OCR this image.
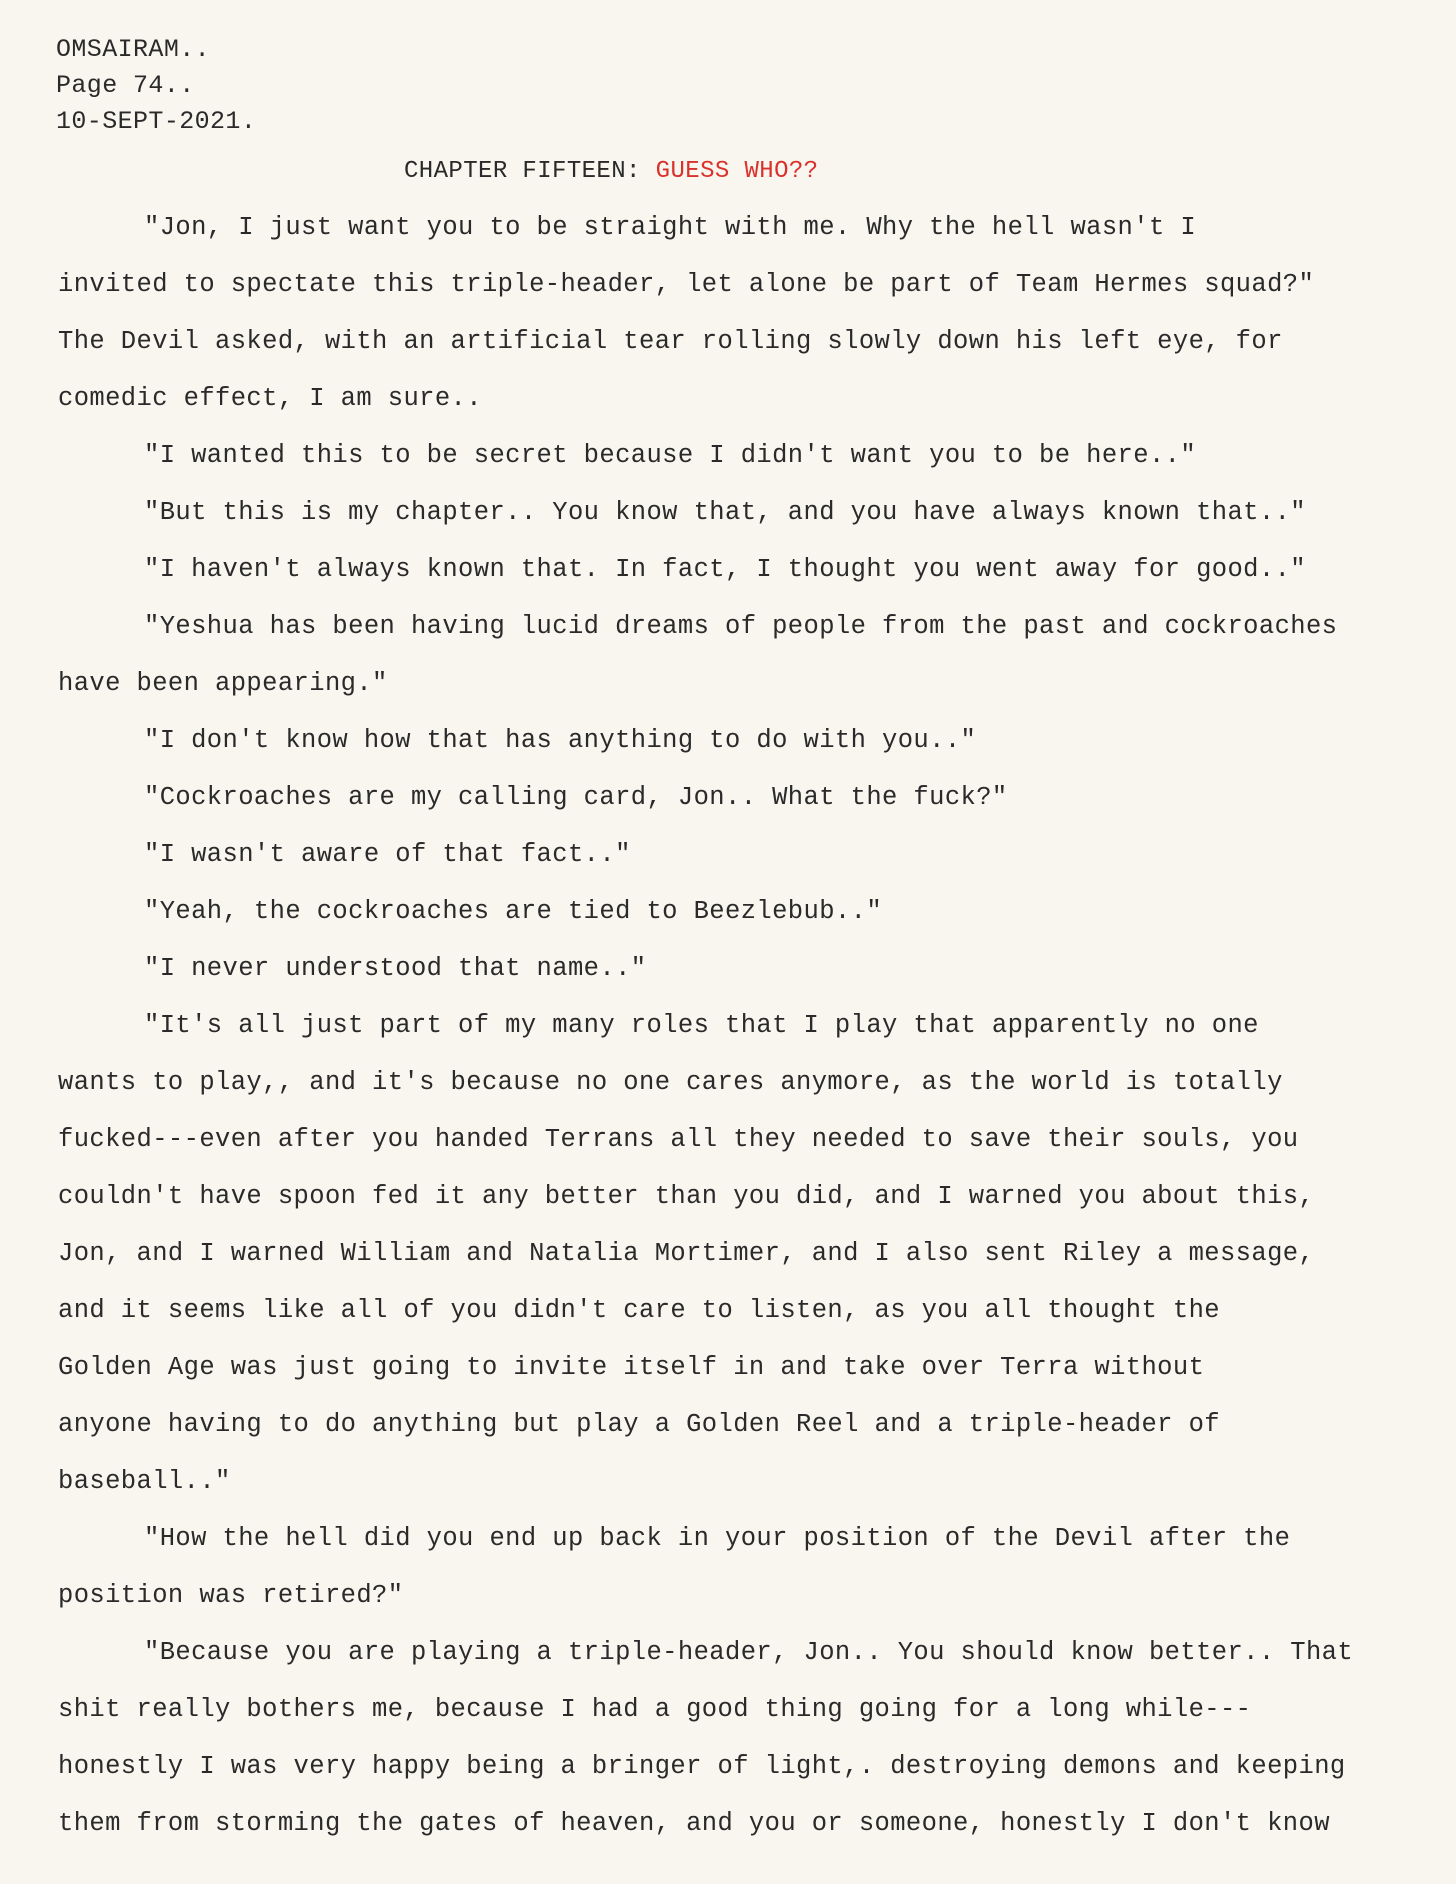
OMSAIRAM..
Page 74..
10-SEPT-2021.
CHAPTER FIFTEEN: GUESS WHO??
"Jon, I just want you to be straight with me. Why the hell wasn't I
invited to spectate this triple-header, let alone be part of Team Hermes squad?"
The Devil asked, with an artificial tear rolling slowly down his left eye, for
comedic effect, I am sure..
"I wanted this to be secret because I didn't want you to be here.."
"But this is my chapter.. You know that, and you have always known that.."
"I haven't always known that. In fact, I thought you went away for good.."
"Yeshua has been having lucid dreams of people from the past and cockroaches
have been appearing."
"I don't know how that has anything to do with you.."
"Cockroaches are my calling card, Jon.. What the fuck?"
"I wasn't aware of that fact.."
"Yeah, the cockroaches are tied to Beezlebub.."
"I never understood that name.."
"It's all just part of my many roles that I play that apparently no one
wants to play,, and it's because no one cares anymore, as the world is totally
fucked---even after you handed Terrans all they needed to save their souls, you
couldn't have spoon fed it any better than you did, and I warned you about this,
Jon, and I warned William and Natalia Mortimer, and I also sent Riley a message,
and it seems like all of you didn't care to listen, as you all thought the
Golden Age was just going to invite itself in and take over Terra without
anyone having to do anything but play a Golden Reel and a triple-header of
baseball.."
"How the hell did you end up back in your position of the Devil after the
position was retired?"
"Because you are playing a triple-header, Jon.. You should know better.. That
shit really bothers me, because I had a good thing going for a long while---
honestly I was very happy being a bringer of light,. destroying demons and keeping
them from storming the gates of heaven, and you or someone, honestly I don't know
